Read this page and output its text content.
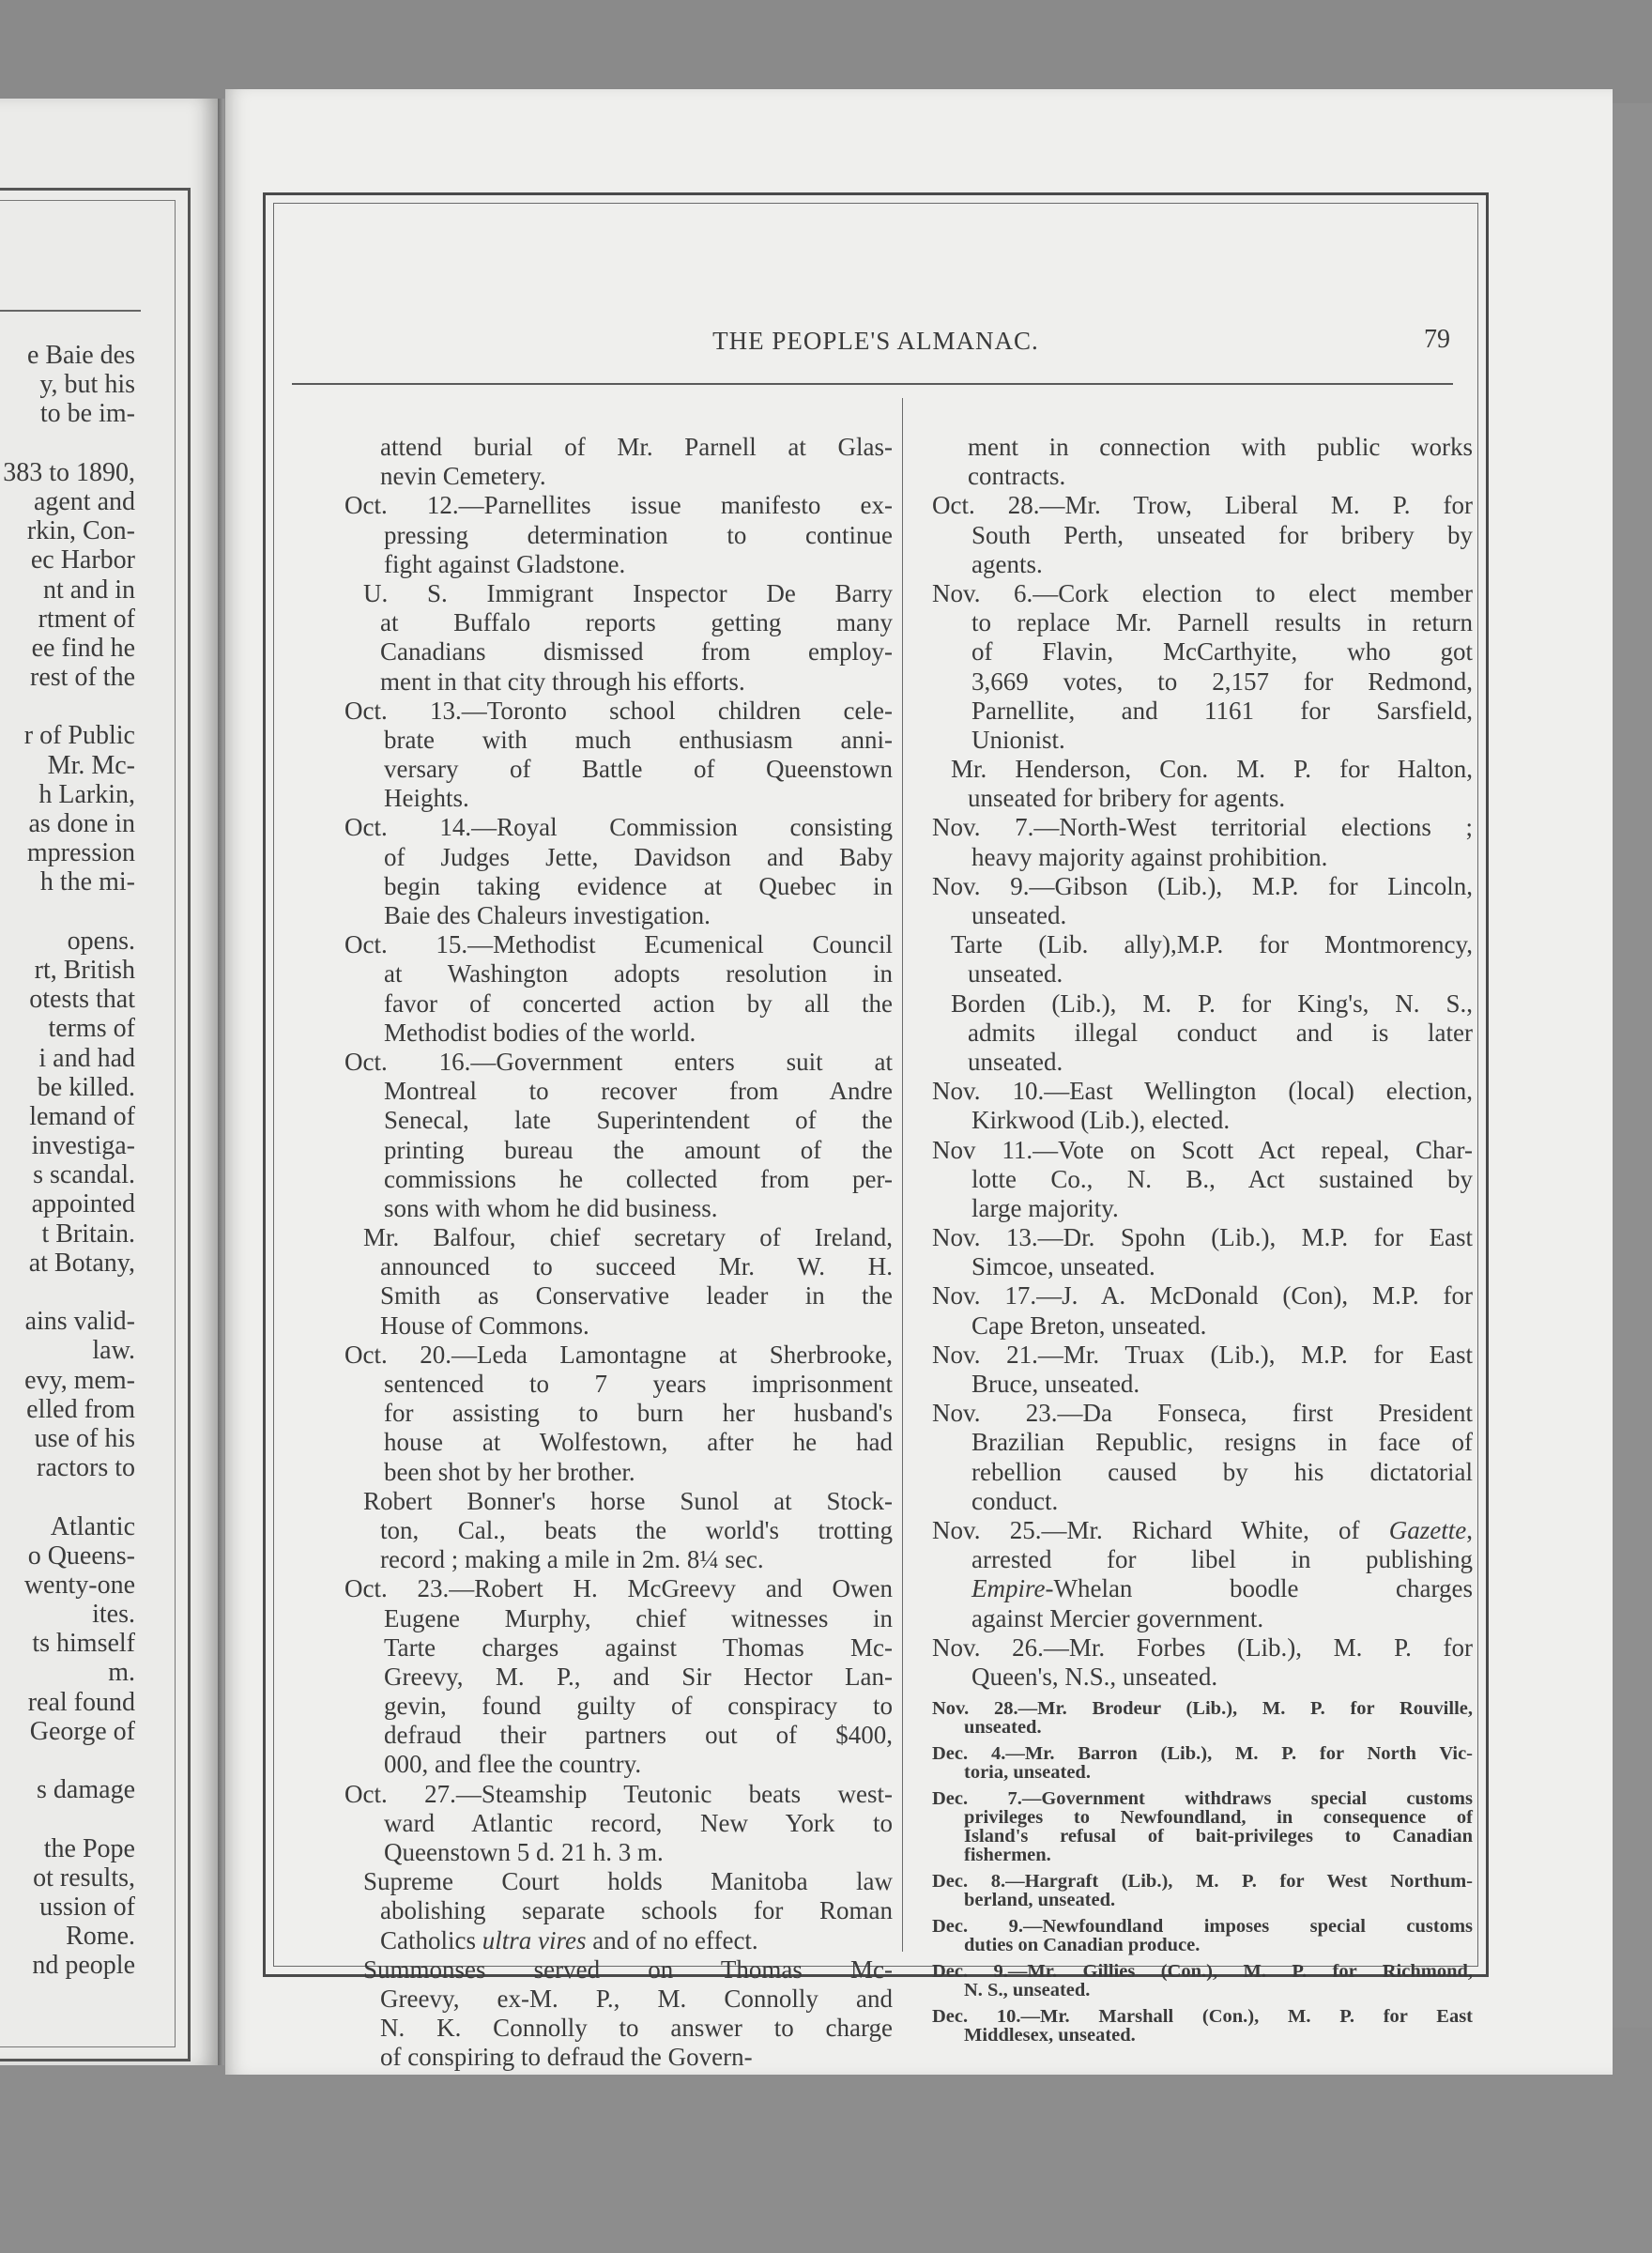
e Baie des
y, but his
to be im-
383 to 1890,
agent and
rkin, Con-
ec Harbor
nt and in
rtment of
ee find he
rest of the
r of Public
Mr. Mc-
h Larkin,
as done in
mpression
h the mi-
opens.
rt, British
otests that
terms of
i and had
be killed.
lemand of
investiga-
s scandal.
appointed
t Britain.
at Botany,
ains valid-
law.
evy, mem-
elled from
use of his
ractors to
Atlantic
o Queens-
wenty-one
ites.
ts himself
m.
real found
George of
s damage
the Pope
ot results,
ussion of
Rome.
nd people
THE PEOPLE'S ALMANAC.	79
attend burial of Mr. Parnell at Glas-
nevin Cemetery.
Oct. 12.—Parnellites issue manifesto ex-
pressing determination to continue
fight against Gladstone.
U. S. Immigrant Inspector De Barry
at Buffalo reports getting many
Canadians dismissed from employ-
ment in that city through his efforts.
Oct. 13.—Toronto school children cele-
brate with much enthusiasm anni-
versary of Battle of Queenstown
Heights.
Oct. 14.—Royal Commission consisting
of Judges Jette, Davidson and Baby
begin taking evidence at Quebec in
Baie des Chaleurs investigation.
Oct. 15.—Methodist Ecumenical Council
at Washington adopts resolution in
favor of concerted action by all the
Methodist bodies of the world.
Oct. 16.—Government enters suit at
Montreal to recover from Andre
Senecal, late Superintendent of the
printing bureau the amount of the
commissions he collected from per-
sons with whom he did business.
Mr. Balfour, chief secretary of Ireland,
announced to succeed Mr. W. H.
Smith as Conservative leader in the
House of Commons.
Oct. 20.—Leda Lamontagne at Sherbrooke,
sentenced to 7 years imprisonment
for assisting to burn her husband's
house at Wolfestown, after he had
been shot by her brother.
Robert Bonner's horse Sunol at Stock-
ton, Cal., beats the world's trotting
record ; making a mile in 2m. 8¼ sec.
Oct. 23.—Robert H. McGreevy and Owen
Eugene Murphy, chief witnesses in
Tarte charges against Thomas Mc-
Greevy, M. P., and Sir Hector Lan-
gevin, found guilty of conspiracy to
defraud their partners out of $400,
000, and flee the country.
Oct. 27.—Steamship Teutonic beats west-
ward Atlantic record, New York to
Queenstown 5 d. 21 h. 3 m.
Supreme Court holds Manitoba law
abolishing separate schools for Roman
Catholics ultra vires and of no effect.
Summonses served on Thomas Mc-
Greevy, ex-M. P., M. Connolly and
N. K. Connolly to answer to charge
of conspiring to defraud the Govern-
ment in connection with public works
contracts.
Oct. 28.—Mr. Trow, Liberal M. P. for
South Perth, unseated for bribery by
agents.
Nov. 6.—Cork election to elect member
to replace Mr. Parnell results in return
of Flavin, McCarthyite, who got
3,669 votes, to 2,157 for Redmond,
Parnellite, and 1161 for Sarsfield,
Unionist.
Mr. Henderson, Con. M. P. for Halton,
unseated for bribery for agents.
Nov. 7.—North-West territorial elections ;
heavy majority against prohibition.
Nov. 9.—Gibson (Lib.), M.P. for Lincoln,
unseated.
Tarte (Lib. ally),M.P. for Montmorency,
unseated.
Borden (Lib.), M. P. for King's, N. S.,
admits illegal conduct and is later
unseated.
Nov. 10.—East Wellington (local) election,
Kirkwood (Lib.), elected.
Nov 11.—Vote on Scott Act repeal, Char-
lotte Co., N. B., Act sustained by
large majority.
Nov. 13.—Dr. Spohn (Lib.), M.P. for East
Simcoe, unseated.
Nov. 17.—J. A. McDonald (Con), M.P. for
Cape Breton, unseated.
Nov. 21.—Mr. Truax (Lib.), M.P. for East
Bruce, unseated.
Nov. 23.—Da Fonseca, first President
Brazilian Republic, resigns in face of
rebellion caused by his dictatorial
conduct.
Nov. 25.—Mr. Richard White, of Gazette,
arrested for libel in publishing
Empire-Whelan boodle charges
against Mercier government.
Nov. 26.—Mr. Forbes (Lib.), M. P. for
Queen's, N.S., unseated.
Nov. 28.—Mr. Brodeur (Lib.), M. P. for Rouville,
unseated.
Dec. 4.—Mr. Barron (Lib.), M. P. for North Vic-
toria, unseated.
Dec. 7.—Government withdraws special customs
privileges to Newfoundland, in consequence of
Island's refusal of bait-privileges to Canadian
fishermen.
Dec. 8.—Hargraft (Lib.), M. P. for West Northum-
berland, unseated.
Dec. 9.—Newfoundland imposes special customs
duties on Canadian produce.
Dec. 9.—Mr. Gillies (Con.), M. P. for Richmond,
N. S., unseated.
Dec. 10.—Mr. Marshall (Con.), M. P. for East
Middlesex, unseated.
